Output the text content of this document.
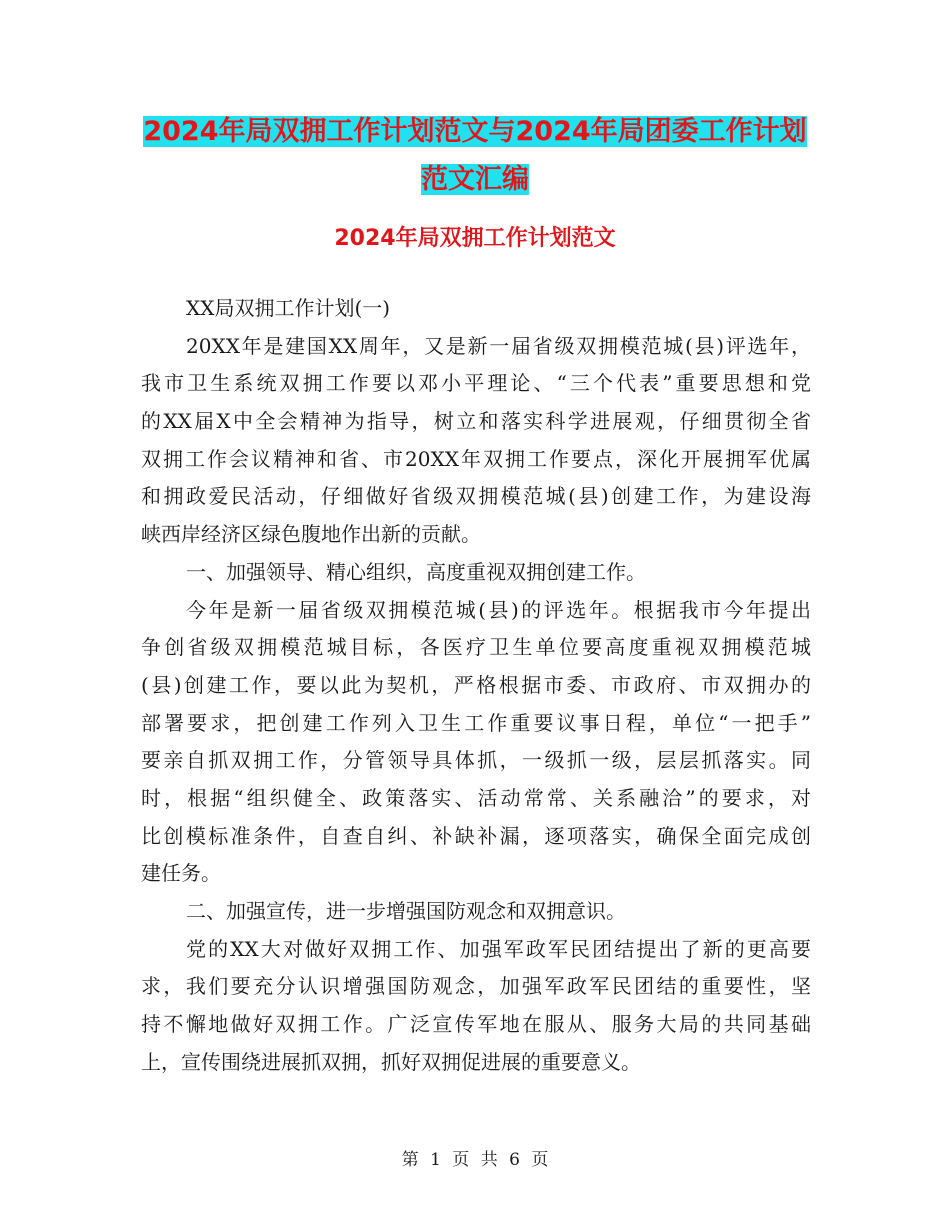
2024年局双拥工作计划范文与2024年局团委工作计划
范文汇编
2024年局双拥工作计划范文
XX局双拥工作计划(一)
20XX年是建国XX周年，又是新一届省级双拥模范城(县)评选年，
我市卫生系统双拥工作要以邓小平理论、“三个代表”重要思想和党
的XX届X中全会精神为指导，树立和落实科学进展观，仔细贯彻全省
双拥工作会议精神和省、市20XX年双拥工作要点，深化开展拥军优属
和拥政爱民活动，仔细做好省级双拥模范城(县)创建工作，为建设海
峡西岸经济区绿色腹地作出新的贡献。
一、加强领导、精心组织，高度重视双拥创建工作。
今年是新一届省级双拥模范城(县)的评选年。根据我市今年提出
争创省级双拥模范城目标，各医疗卫生单位要高度重视双拥模范城
(县)创建工作，要以此为契机，严格根据市委、市政府、市双拥办的
部署要求，把创建工作列入卫生工作重要议事日程，单位“一把手”
要亲自抓双拥工作，分管领导具体抓，一级抓一级，层层抓落实。同
时，根据“组织健全、政策落实、活动常常、关系融洽”的要求，对
比创模标准条件，自查自纠、补缺补漏，逐项落实，确保全面完成创
建任务。
二、加强宣传，进一步增强国防观念和双拥意识。
党的XX大对做好双拥工作、加强军政军民团结提出了新的更高要
求，我们要充分认识增强国防观念，加强军政军民团结的重要性，坚
持不懈地做好双拥工作。广泛宣传军地在服从、服务大局的共同基础
上，宣传围绕进展抓双拥，抓好双拥促进展的重要意义。
第 1 页 共 6 页
